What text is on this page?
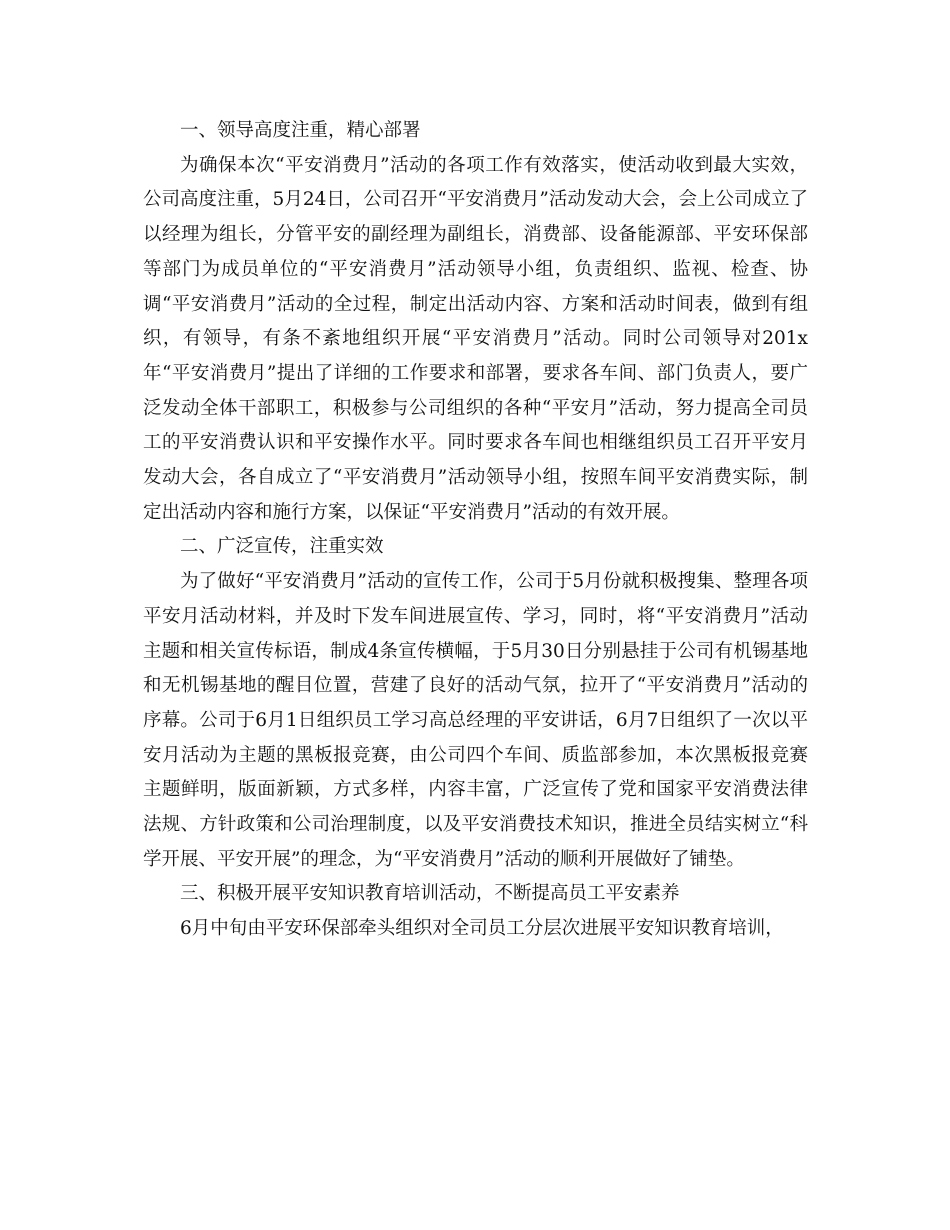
一、领导高度注重，精心部署

为确保本次“平安消费月”活动的各项工作有效落实，使活动收到最大实效，公司高度注重，5月24日，公司召开“平安消费月”活动发动大会，会上公司成立了以经理为组长，分管平安的副经理为副组长，消费部、设备能源部、平安环保部等部门为成员单位的“平安消费月”活动领导小组，负责组织、监视、检查、协调“平安消费月”活动的全过程，制定出活动内容、方案和活动时间表，做到有组织，有领导，有条不紊地组织开展“平安消费月”活动。同时公司领导对201x年“平安消费月”提出了详细的工作要求和部署，要求各车间、部门负责人，要广泛发动全体干部职工，积极参与公司组织的各种“平安月”活动，努力提高全司员工的平安消费认识和平安操作水平。同时要求各车间也相继组织员工召开平安月发动大会，各自成立了“平安消费月”活动领导小组，按照车间平安消费实际，制定出活动内容和施行方案，以保证“平安消费月”活动的有效开展。

二、广泛宣传，注重实效

为了做好“平安消费月”活动的宣传工作，公司于5月份就积极搜集、整理各项平安月活动材料，并及时下发车间进展宣传、学习，同时，将“平安消费月”活动主题和相关宣传标语，制成4条宣传横幅，于5月30日分别悬挂于公司有机锡基地和无机锡基地的醒目位置，营建了良好的活动气氛，拉开了“平安消费月”活动的序幕。公司于6月1日组织员工学习高总经理的平安讲话，6月7日组织了一次以平安月活动为主题的黑板报竞赛，由公司四个车间、质监部参加，本次黑板报竞赛主题鲜明，版面新颖，方式多样，内容丰富，广泛宣传了党和国家平安消费法律法规、方针政策和公司治理制度，以及平安消费技术知识，推进全员结实树立“科学开展、平安开展”的理念，为“平安消费月”活动的顺利开展做好了铺垫。

三、积极开展平安知识教育培训活动，不断提高员工平安素养

6月中旬由平安环保部牵头组织对全司员工分层次进展平安知识教育培训，
